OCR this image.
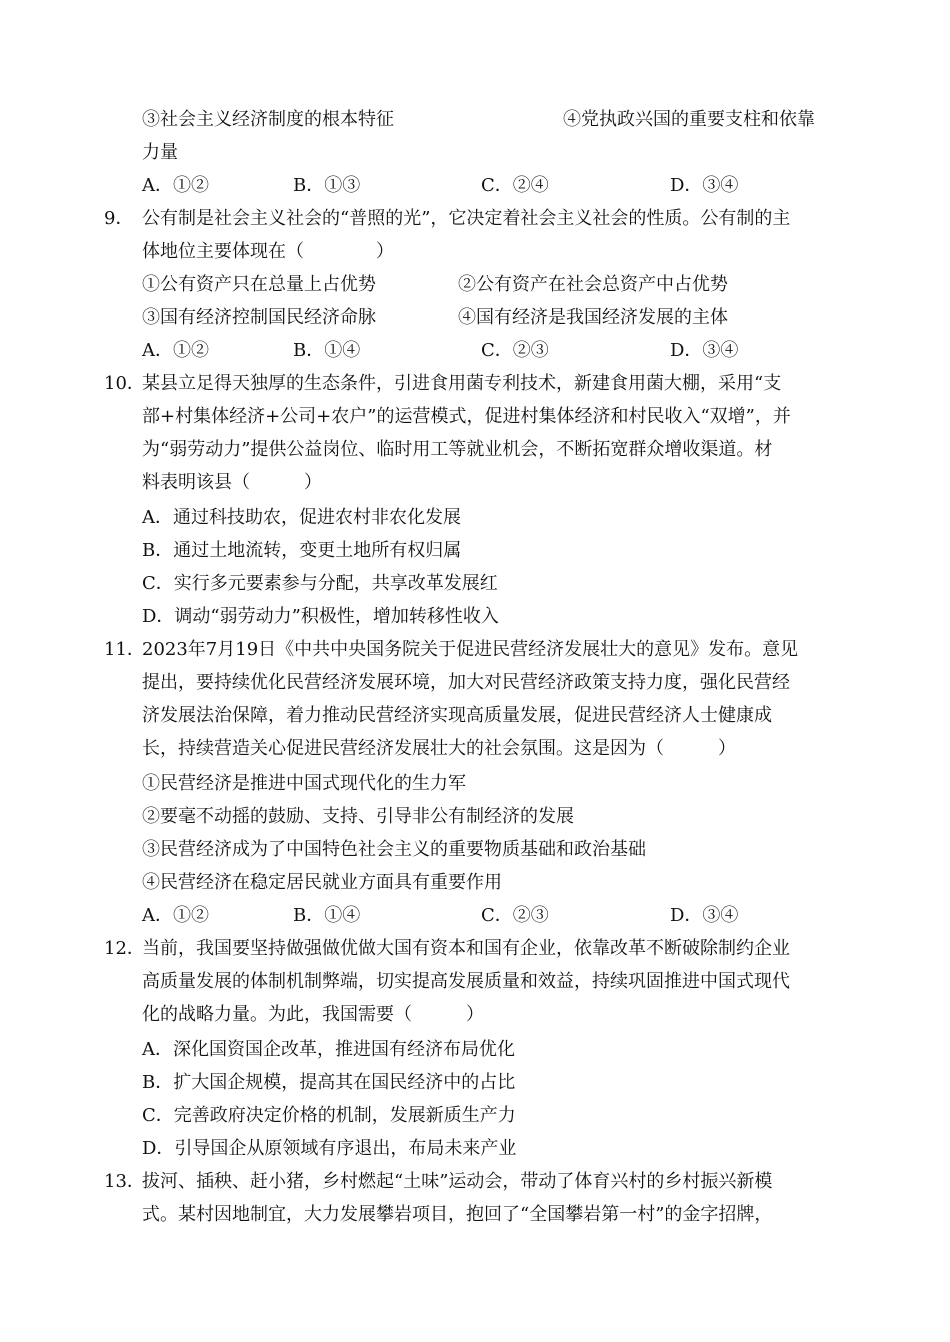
③社会主义经济制度的根本特征	④党执政兴国的重要支柱和依靠
力量
A．①②	B．①③	C．②④	D．③④
9． 公有制是社会主义社会的“普照的光”，它决定着社会主义社会的性质。公有制的主
体地位主要体现在（　　　　）
①公有资产只在总量上占优势	②公有资产在社会总资产中占优势
③国有经济控制国民经济命脉	④国有经济是我国经济发展的主体
A．①②	B．①④	C．②③	D．③④
10．
某县立足得天独厚的生态条件，引进食用菌专利技术，新建食用菌大棚，采用“支
部+村集体经济+公司+农户”的运营模式，促进村集体经济和村民收入“双增”，并
为“弱劳动力”提供公益岗位、临时用工等就业机会，不断拓宽群众增收渠道。材
料表明该县（　　　）
A．通过科技助农，促进农村非农化发展
B．通过土地流转，变更土地所有权归属
C．实行多元要素参与分配，共享改革发展红
D．调动“弱劳动力”积极性，增加转移性收入
11．
2023年7月19日《中共中央国务院关于促进民营经济发展壮大的意见》发布。意见
提出，要持续优化民营经济发展环境，加大对民营经济政策支持力度，强化民营经
济发展法治保障，着力推动民营经济实现高质量发展，促进民营经济人士健康成
长，持续营造关心促进民营经济发展壮大的社会氛围。这是因为（　　　）
①民营经济是推进中国式现代化的生力军
②要毫不动摇的鼓励、支持、引导非公有制经济的发展
③民营经济成为了中国特色社会主义的重要物质基础和政治基础
④民营经济在稳定居民就业方面具有重要作用
A．①②	B．①④	C．②③	D．③④
12．
当前，我国要坚持做强做优做大国有资本和国有企业，依靠改革不断破除制约企业
高质量发展的体制机制弊端，切实提高发展质量和效益，持续巩固推进中国式现代
化的战略力量。为此，我国需要（　　　）
A．深化国资国企改革，推进国有经济布局优化
B．扩大国企规模，提高其在国民经济中的占比
C．完善政府决定价格的机制，发展新质生产力
D．引导国企从原领域有序退出，布局未来产业
13．
拔河、插秧、赶小猪，乡村燃起“土味”运动会，带动了体育兴村的乡村振兴新模
式。某村因地制宜，大力发展攀岩项目，抱回了“全国攀岩第一村”的金字招牌，
